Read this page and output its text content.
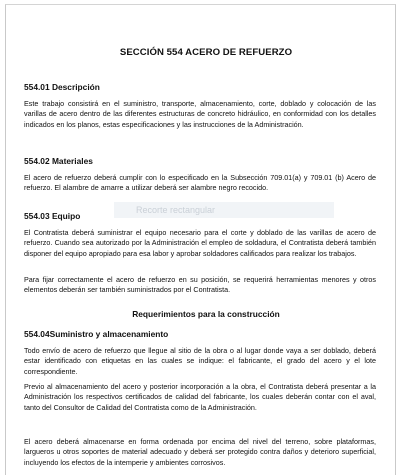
SECCIÓN 554 ACERO DE REFUERZO
554.01 Descripción

Este trabajo consistirá en el suministro, transporte, almacenamiento, corte, doblado y colocación de las varillas de acero dentro de las diferentes estructuras de concreto hidráulico, en conformidad con los detalles indicados en los planos, estas especificaciones y las instrucciones de la Administración.

554.02 Materiales

El acero de refuerzo deberá cumplir con lo especificado en la Subsección 709.01(a) y 709.01 (b) Acero de refuerzo. El alambre de amarre a utilizar deberá ser alambre negro recocido.

554.03 Equipo

El Contratista deberá suministrar el equipo necesario para el corte y doblado de las varillas de acero de refuerzo. Cuando sea autorizado por la Administración el empleo de soldadura, el Contratista deberá también disponer del equipo apropiado para esa labor y aprobar soldadores calificados para realizar los trabajos.

Para fijar correctamente el acero de refuerzo en su posición, se requerirá herramientas menores y otros elementos deberán ser también suministrados por el Contratista.

Requerimientos para la construcción
554.04Suministro y almacenamiento

Todo envío de acero de refuerzo que llegue al sitio de la obra o al lugar donde vaya a ser doblado, deberá estar identificado con etiquetas en las cuales se indique: el fabricante, el grado del acero y el lote correspondiente.

Previo al almacenamiento del acero y posterior incorporación a la obra, el Contratista deberá presentar a la Administración los respectivos certificados de calidad del fabricante, los cuales deberán contar con el aval, tanto del Consultor de Calidad del Contratista como de la Administración.

El acero deberá almacenarse en forma ordenada por encima del nivel del terreno, sobre plataformas, largueros u otros soportes de material adecuado y deberá ser protegido contra daños y deterioro superficial, incluyendo los efectos de la intemperie y ambientes corrosivos.

Recorte rectangular
